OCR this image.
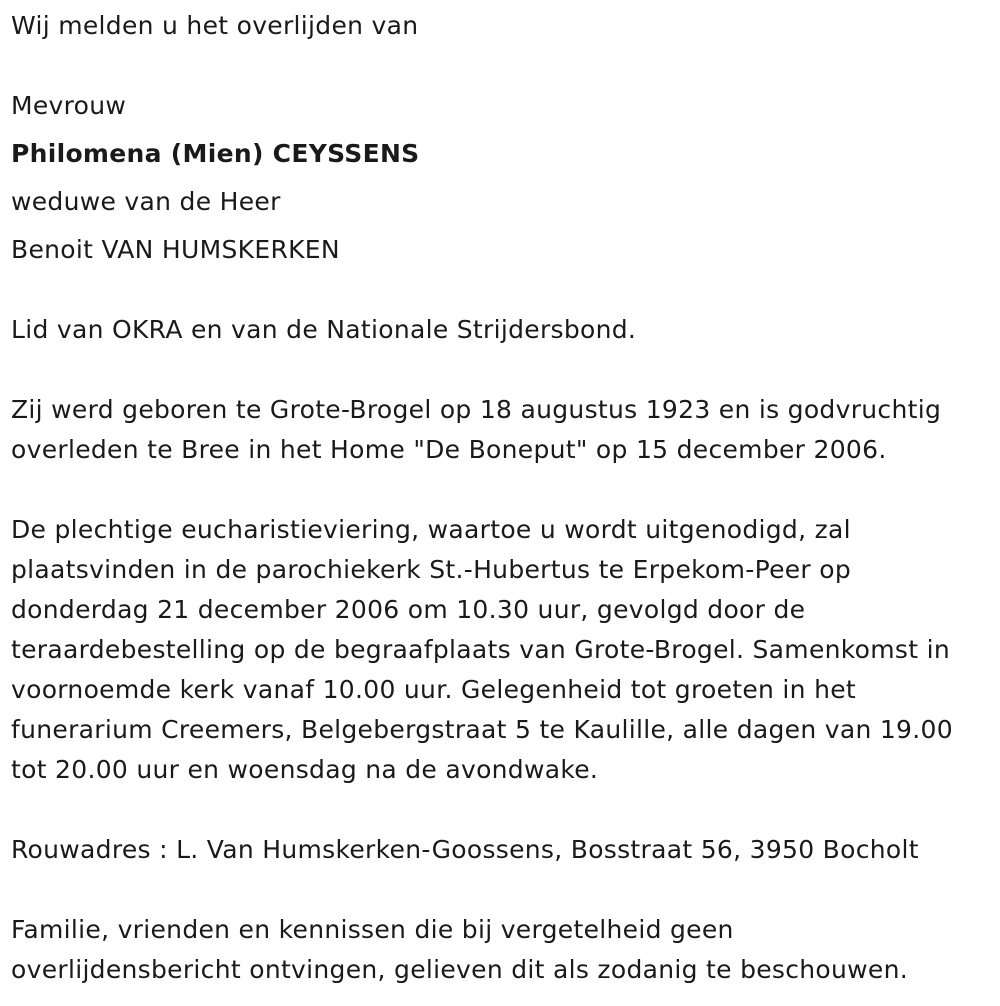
Wij melden u het overlijden van
Mevrouw
Philomena (Mien) CEYSSENS
weduwe van de Heer
Benoit VAN HUMSKERKEN
Lid van OKRA en van de Nationale Strijdersbond.
Zij werd geboren te Grote-Brogel op 18 augustus 1923 en is godvruchtig
overleden te Bree in het Home "De Boneput" op 15 december 2006.
De plechtige eucharistieviering, waartoe u wordt uitgenodigd, zal
plaatsvinden in de parochiekerk St.-Hubertus te Erpekom-Peer op
donderdag 21 december 2006 om 10.30 uur, gevolgd door de
teraardebestelling op de begraafplaats van Grote-Brogel. Samenkomst in
voornoemde kerk vanaf 10.00 uur. Gelegenheid tot groeten in het
funerarium Creemers, Belgebergstraat 5 te Kaulille, alle dagen van 19.00
tot 20.00 uur en woensdag na de avondwake.
Rouwadres : L. Van Humskerken-Goossens, Bosstraat 56, 3950 Bocholt
Familie, vrienden en kennissen die bij vergetelheid geen
overlijdensbericht ontvingen, gelieven dit als zodanig te beschouwen.
